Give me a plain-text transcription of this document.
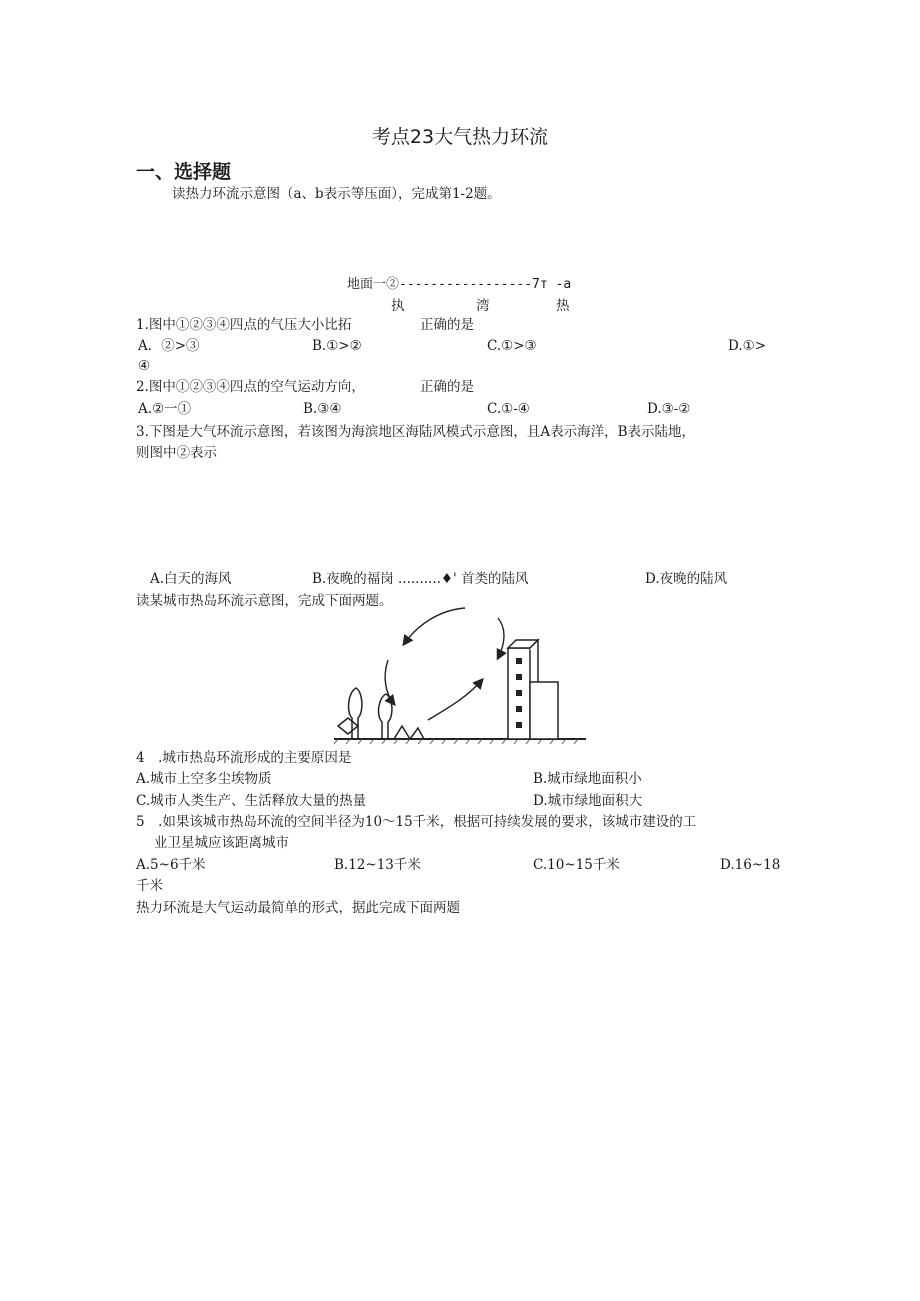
考点23大气热力环流
一、选择题
读热力环流示意图（a、b表示等压面），完成第1-2题。
地面一②-----------------7т -a
执	湾	热
1.图中①②③④四点的气压大小比拓	正确的是
A．②>③	B.①>②	C.①>③	D.①>
④
2.图中①②③④四点的空气运动方向，	正确的是
A.②一①	B.③④	C.①-④	D.③-②
3.下图是大气环流示意图，若该图为海滨地区海陆风模式示意图，且A表示海洋，B表示陆地，
则图中②表示
A.白天的海风	B.夜晚的福岗 ..........♦' 首类的陆风	D.夜晚的陆风
读某城市热岛环流示意图，完成下面两题。
4　.城市热岛环流形成的主要原因是
A.城市上空多尘埃物质	B.城市绿地面积小
C.城市人类生产、生活释放大量的热量	D.城市绿地面积大
5　.如果该城市热岛环流的空间半径为10～15千米，根据可持续发展的要求，该城市建设的工
业卫星城应该距离城市
A.5~6千米	B.12~13千米	C.10~15千米	D.16~18
千米
热力环流是大气运动最简单的形式，据此完成下面两题
